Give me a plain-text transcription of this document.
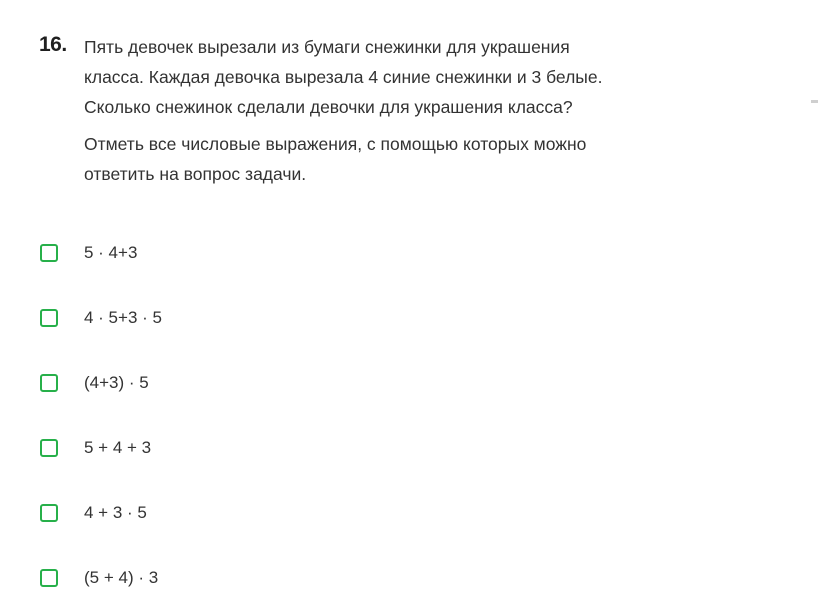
16. Пять девочек вырезали из бумаги снежинки для украшения
класса. Каждая девочка вырезала 4 синие снежинки и 3 белые.
Сколько снежинок сделали девочки для украшения класса?

Отметь все числовые выражения, с помощью которых можно
ответить на вопрос задачи.

5 · 4+3
4 · 5+3 · 5
(4+3) · 5
5 + 4 + 3
4 + 3 · 5
(5 + 4) · 3
